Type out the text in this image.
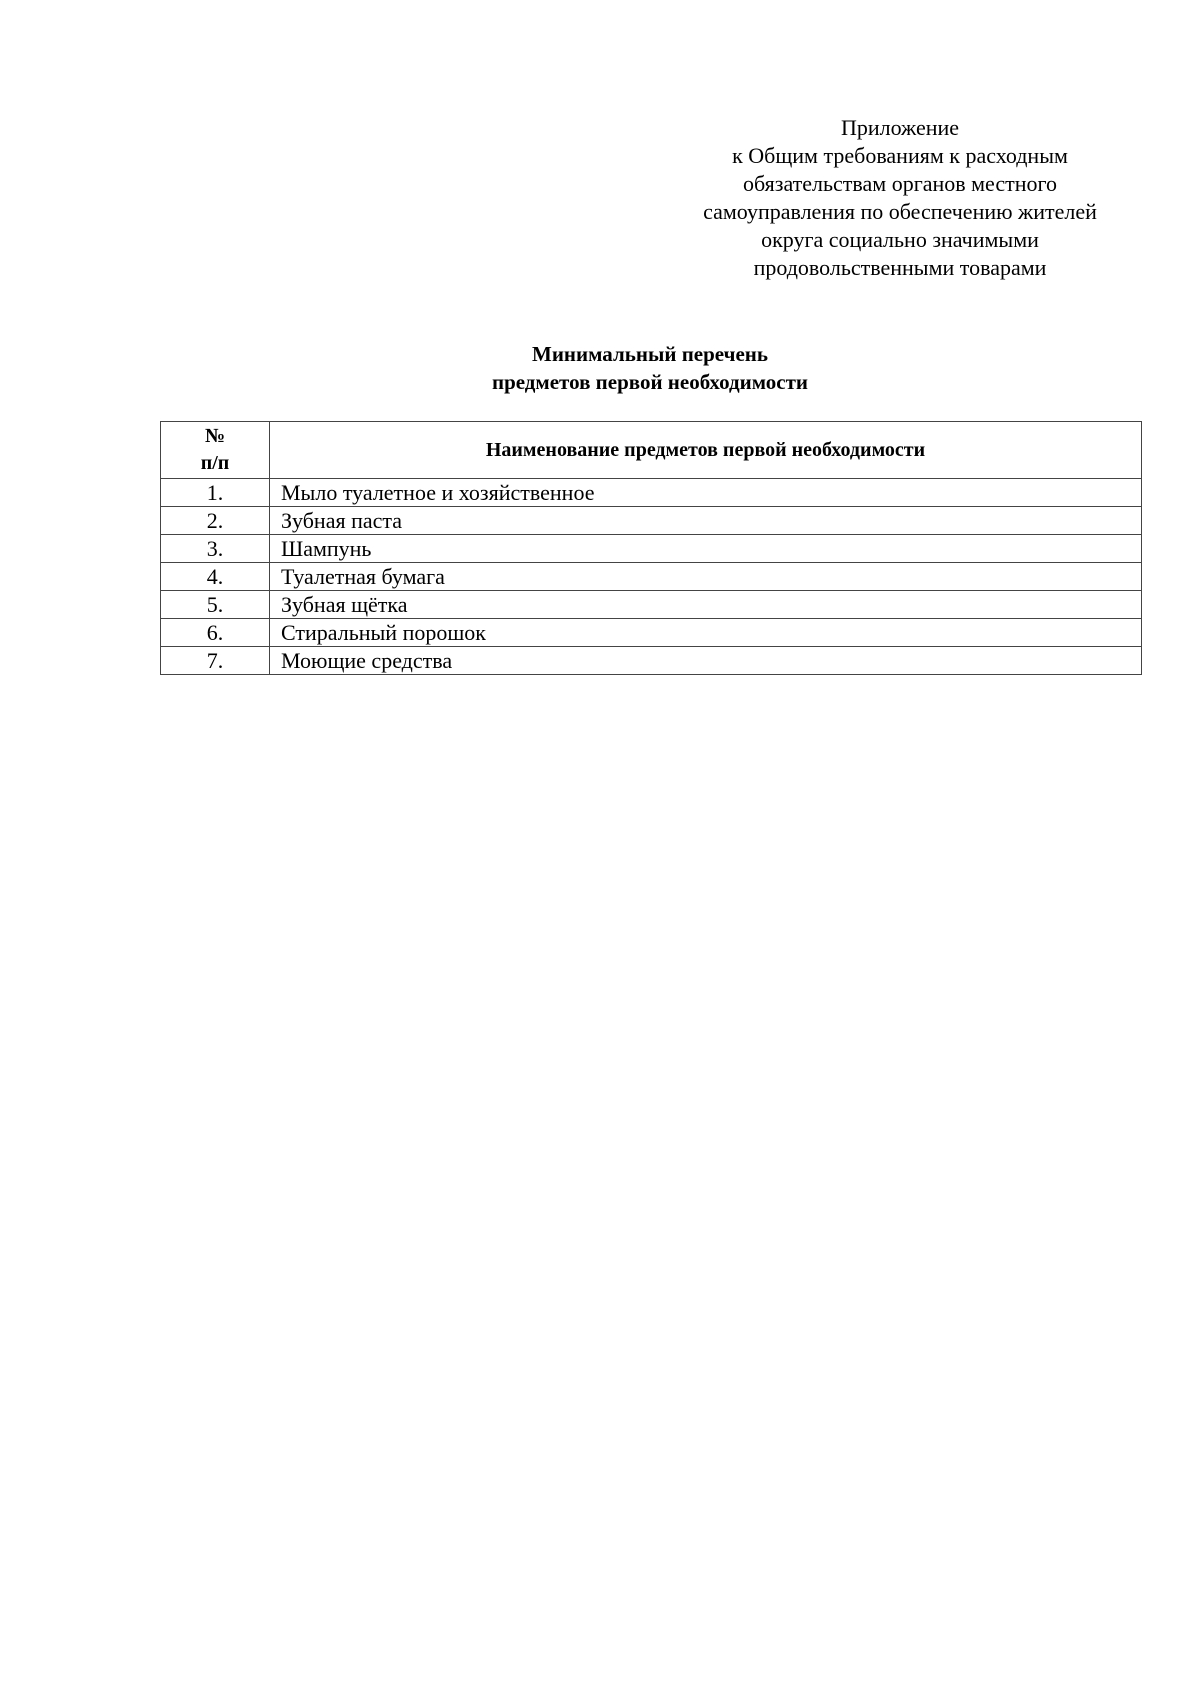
Приложение
к Общим требованиям к расходным
обязательствам органов местного
самоуправления по обеспечению жителей
округа социально значимыми
продовольственными товарами
Минимальный перечень
предметов первой необходимости
№
п/п	Наименование предметов первой необходимости
1.	Мыло туалетное и хозяйственное
2.	Зубная паста
3.	Шампунь
4.	Туалетная бумага
5.	Зубная щётка
6.	Стиральный порошок
7.	Моющие средства
